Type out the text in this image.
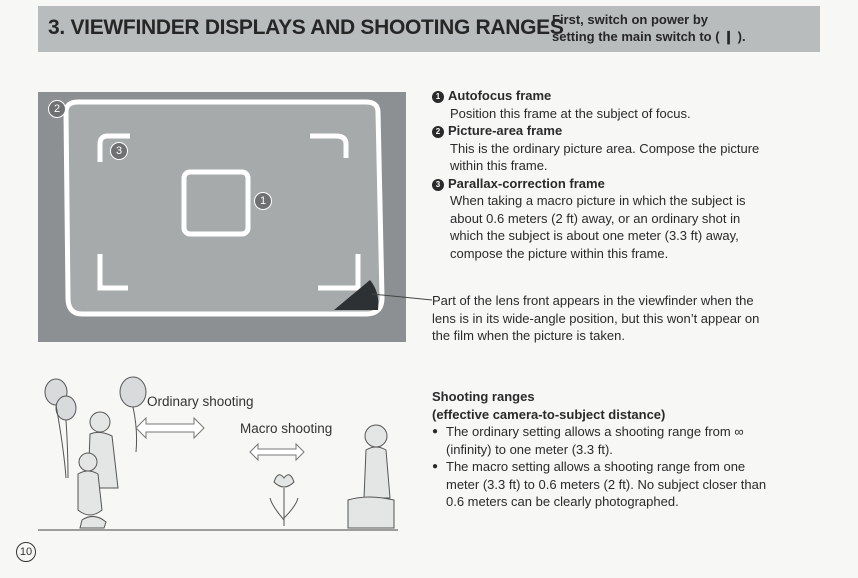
3. VIEWFINDER DISPLAYS AND SHOOTING RANGES
First, switch on power by
setting the main switch to ( ❙ ).
2
3
1
1 Autofocus frame
Position this frame at the subject of focus.
2 Picture-area frame
This is the ordinary picture area. Compose the picture
within this frame.
3 Parallax-correction frame
When taking a macro picture in which the subject is
about 0.6 meters (2 ft) away, or an ordinary shot in
which the subject is about one meter (3.3 ft) away,
compose the picture within this frame.
Part of the lens front appears in the viewfinder when the
lens is in its wide-angle position, but this won’t appear on
the film when the picture is taken.
Ordinary shooting
Macro shooting
Shooting ranges
(effective camera-to-subject distance)
● The ordinary setting allows a shooting range from ∞
(infinity) to one meter (3.3 ft).
● The macro setting allows a shooting range from one
meter (3.3 ft) to 0.6 meters (2 ft). No subject closer than
0.6 meters can be clearly photographed.
10
